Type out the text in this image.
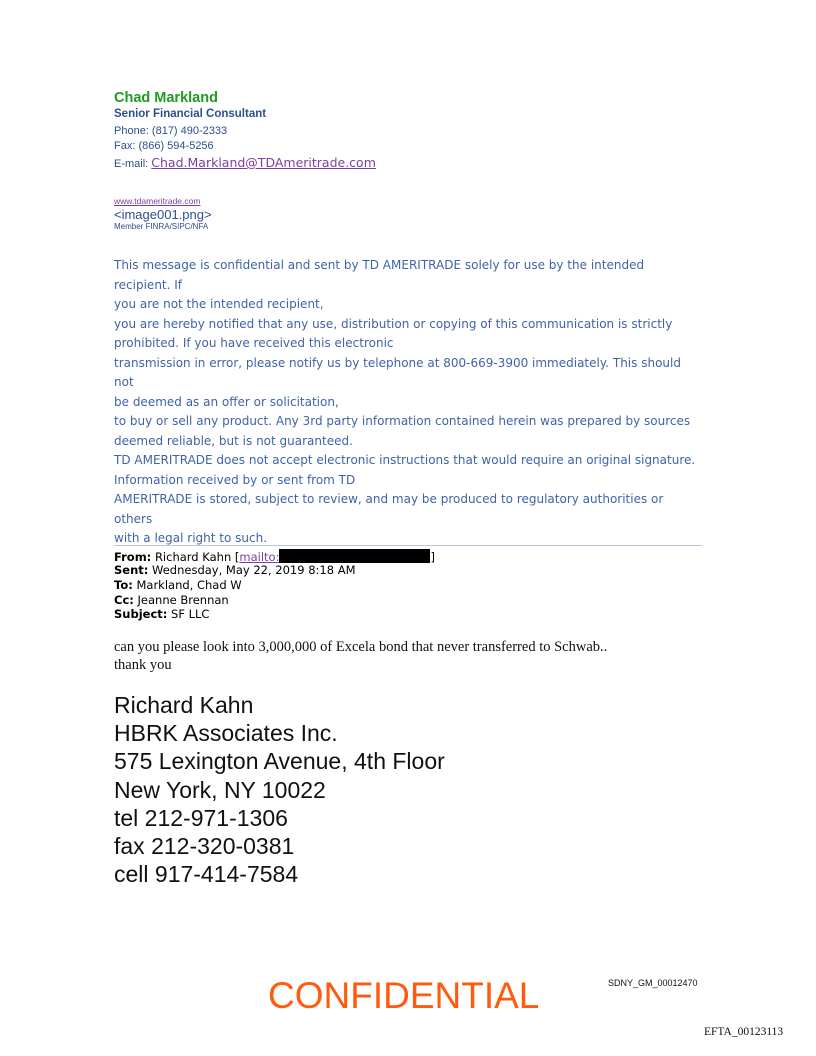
Chad Markland
Senior Financial Consultant
Phone: (817) 490-2333
Fax: (866) 594-5256
E-mail: Chad.Markland@TDAmeritrade.com
www.tdameritrade.com
<image001.png>
Member FINRA/SIPC/NFA
This message is confidential and sent by TD AMERITRADE solely for use by the intended recipient. If
you are not the intended recipient,
you are hereby notified that any use, distribution or copying of this communication is strictly
prohibited. If you have received this electronic
transmission in error, please notify us by telephone at 800-669-3900 immediately. This should not
be deemed as an offer or solicitation,
to buy or sell any product. Any 3rd party information contained herein was prepared by sources
deemed reliable, but is not guaranteed.
TD AMERITRADE does not accept electronic instructions that would require an original signature.
Information received by or sent from TD
AMERITRADE is stored, subject to review, and may be produced to regulatory authorities or others
with a legal right to such.
From: Richard Kahn [mailto:	]
Sent: Wednesday, May 22, 2019 8:18 AM
To: Markland, Chad W
Cc: Jeanne Brennan
Subject: SF LLC
can you please look into 3,000,000 of Excela bond that never transferred to Schwab..
thank you
Richard Kahn
HBRK Associates Inc.
575 Lexington Avenue, 4th Floor
New York, NY 10022
tel 212-971-1306
fax 212-320-0381
cell 917-414-7584
CONFIDENTIAL	SDNY_GM_00012470
EFTA_00123113
